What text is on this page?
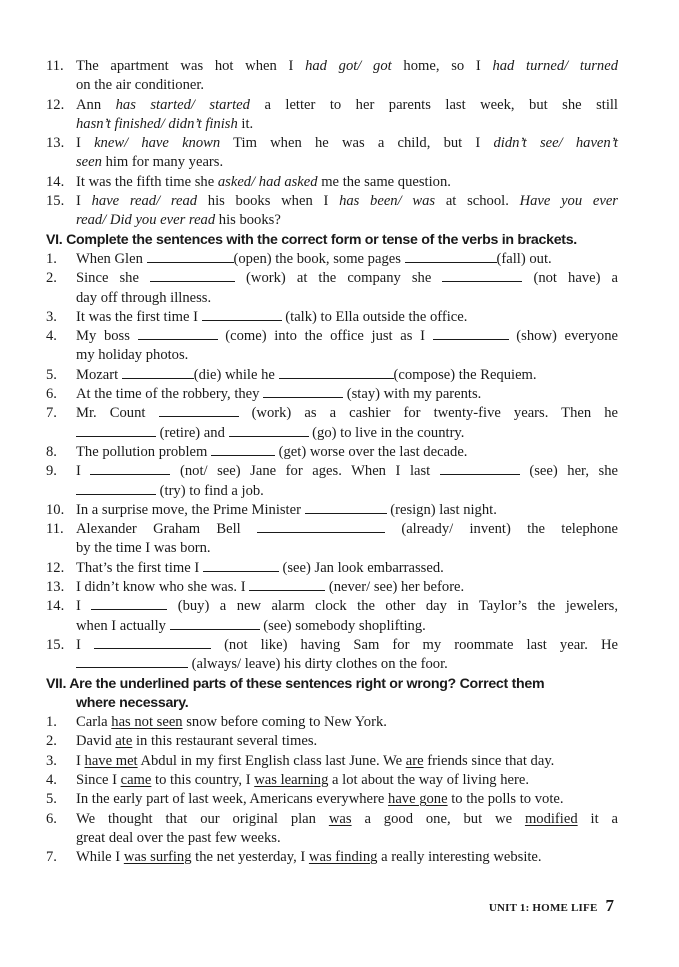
11. The apartment was hot when I had got/ got home, so I had turned/ turned
on the air conditioner.
12. Ann has started/ started a letter to her parents last week, but she still
hasn’t finished/ didn’t finish it.
13. I knew/ have known Tim when he was a child, but I didn’t see/ haven’t
seen him for many years.
14. It was the fifth time she asked/ had asked me the same question.
15. I have read/ read his books when I has been/ was at school. Have you ever
read/ Did you ever read his books?
VI. Complete the sentences with the correct form or tense of the verbs in brackets.
1. When Glen	(open) the book, some pages	(fall) out.
2. Since she	(work) at the company she	(not have) a
day off through illness.
3. It was the first time I	(talk) to Ella outside the office.
4. My boss	(come) into the office just as I	(show) everyone
my holiday photos.
5. Mozart	(die) while he	(compose) the Requiem.
6. At the time of the robbery, they	(stay) with my parents.
7. Mr. Count	(work) as a cashier for twenty-five years. Then he
(retire) and	(go) to live in the country.
8. The pollution problem	(get) worse over the last decade.
9. I	(not/ see) Jane for ages. When I last	(see) her, she
(try) to find a job.
10. In a surprise move, the Prime Minister	(resign) last night.
11. Alexander Graham Bell	(already/ invent) the telephone
by the time I was born.
12. That’s the first time I	(see) Jan look embarrassed.
13. I didn’t know who she was. I	(never/ see) her before.
14. I	(buy) a new alarm clock the other day in Taylor’s the jewelers,
when I actually	(see) somebody shoplifting.
15. I	(not like) having Sam for my roommate last year. He
(always/ leave) his dirty clothes on the foor.
VII. Are the underlined parts of these sentences right or wrong? Correct them
where necessary.
1. Carla has not seen snow before coming to New York.
2. David ate in this restaurant several times.
3. I have met Abdul in my first English class last June. We are friends since that day.
4. Since I came to this country, I was learning a lot about the way of living here.
5. In the early part of last week, Americans everywhere have gone to the polls to vote.
6. We thought that our original plan was a good one, but we modified it a
great deal over the past few weeks.
7. While I was surfing the net yesterday, I was finding a really interesting website.
UNIT 1: HOME LIFE 7
